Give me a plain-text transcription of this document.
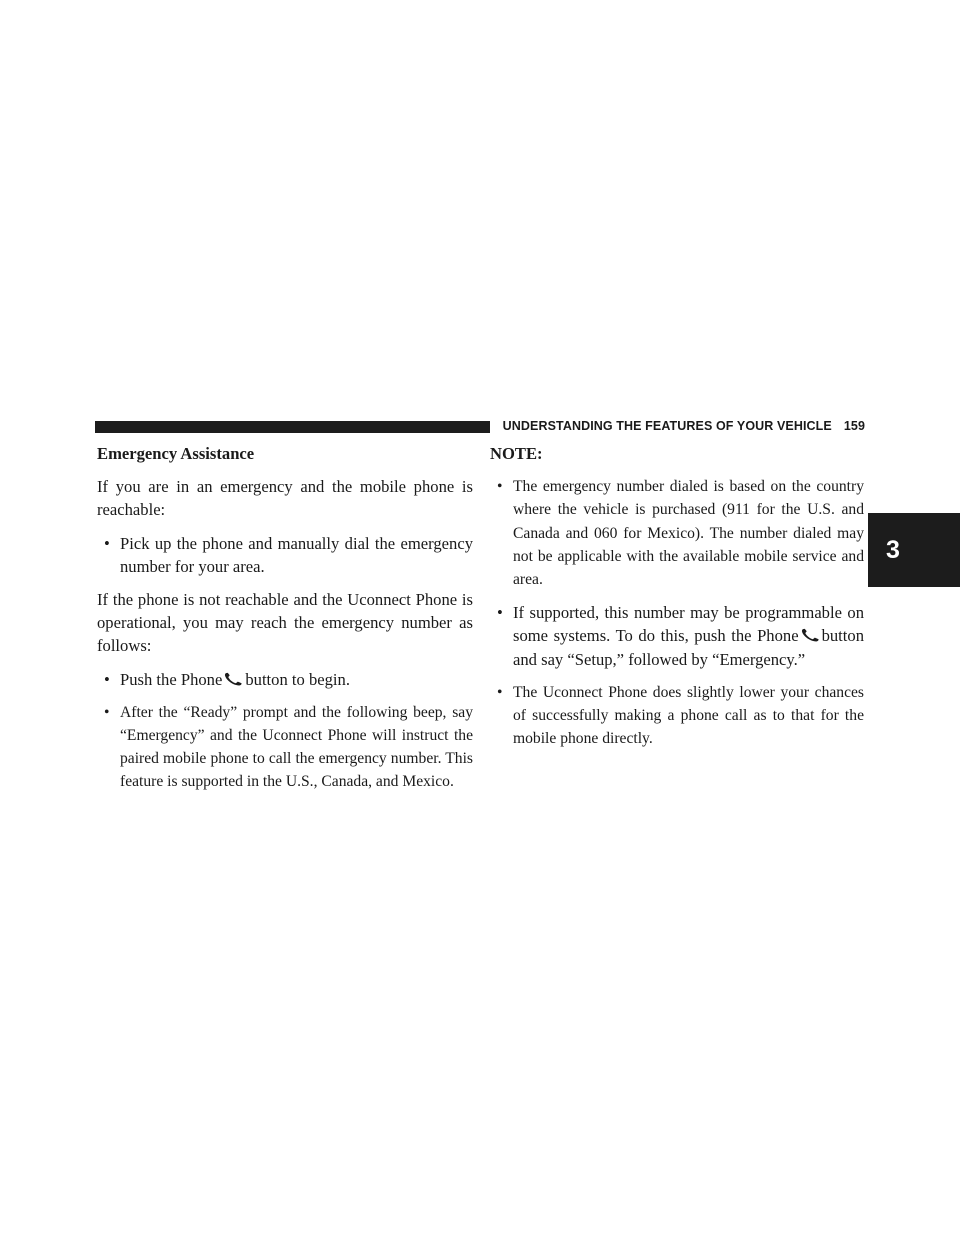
UNDERSTANDING THE FEATURES OF YOUR VEHICLE 159
3
Emergency Assistance

If you are in an emergency and the mobile phone is reachable:

• Pick up the phone and manually dial the emergency number for your area.

If the phone is not reachable and the Uconnect Phone is operational, you may reach the emergency number as follows:

• Push the Phone button to begin.
• After the “Ready” prompt and the following beep, say “Emergency” and the Uconnect Phone will instruct the paired mobile phone to call the emergency number. This feature is supported in the U.S., Canada, and Mexico.
NOTE:
• The emergency number dialed is based on the country where the vehicle is purchased (911 for the U.S. and Canada and 060 for Mexico). The number dialed may not be applicable with the available mobile service and area.
• If supported, this number may be programmable on some systems. To do this, push the Phone button and say “Setup,” followed by “Emergency.”
• The Uconnect Phone does slightly lower your chances of successfully making a phone call as to that for the mobile phone directly.
